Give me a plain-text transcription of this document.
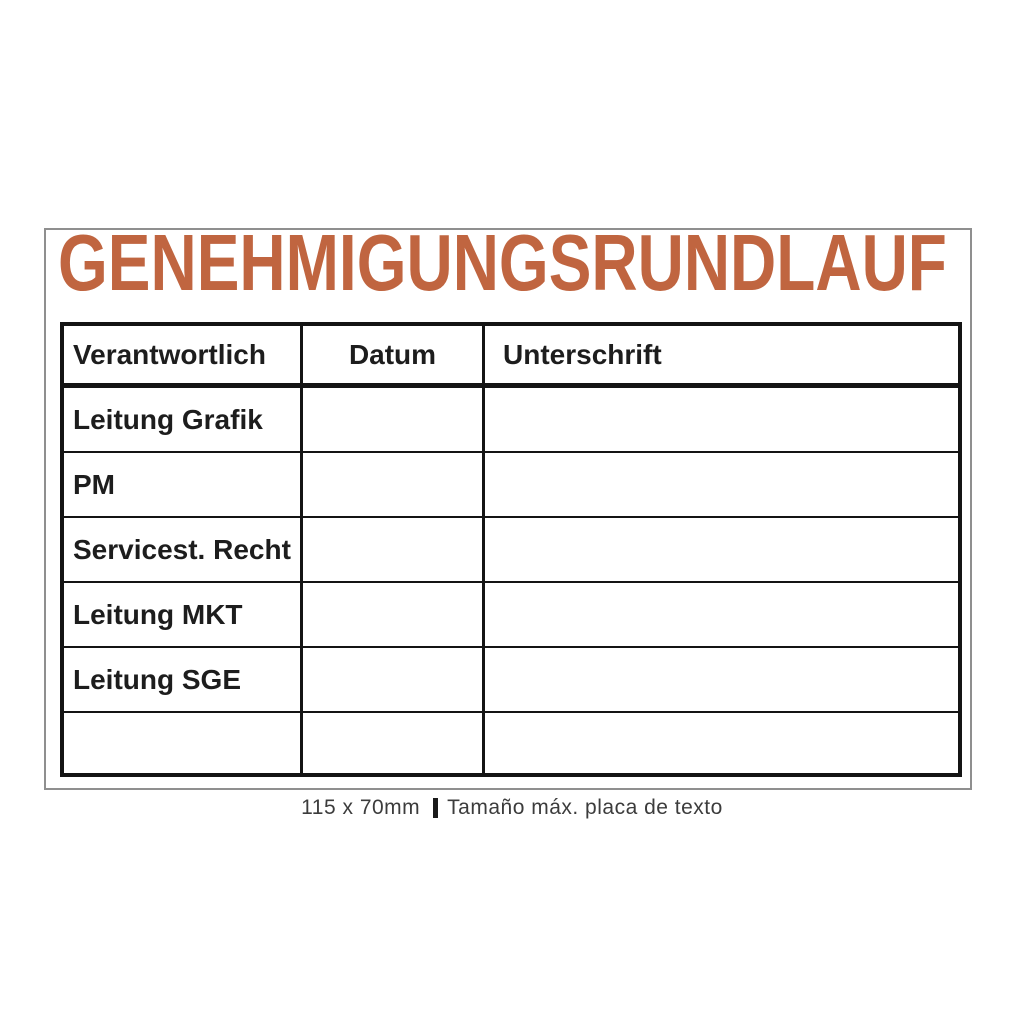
GENEHMIGUNGSRUNDLAUF
Verantwortlich	Datum	Unterschrift
Leitung Grafik
PM
Servicest. Recht
Leitung MKT
Leitung SGE
115 x 70mm Tamaño máx. placa de texto
